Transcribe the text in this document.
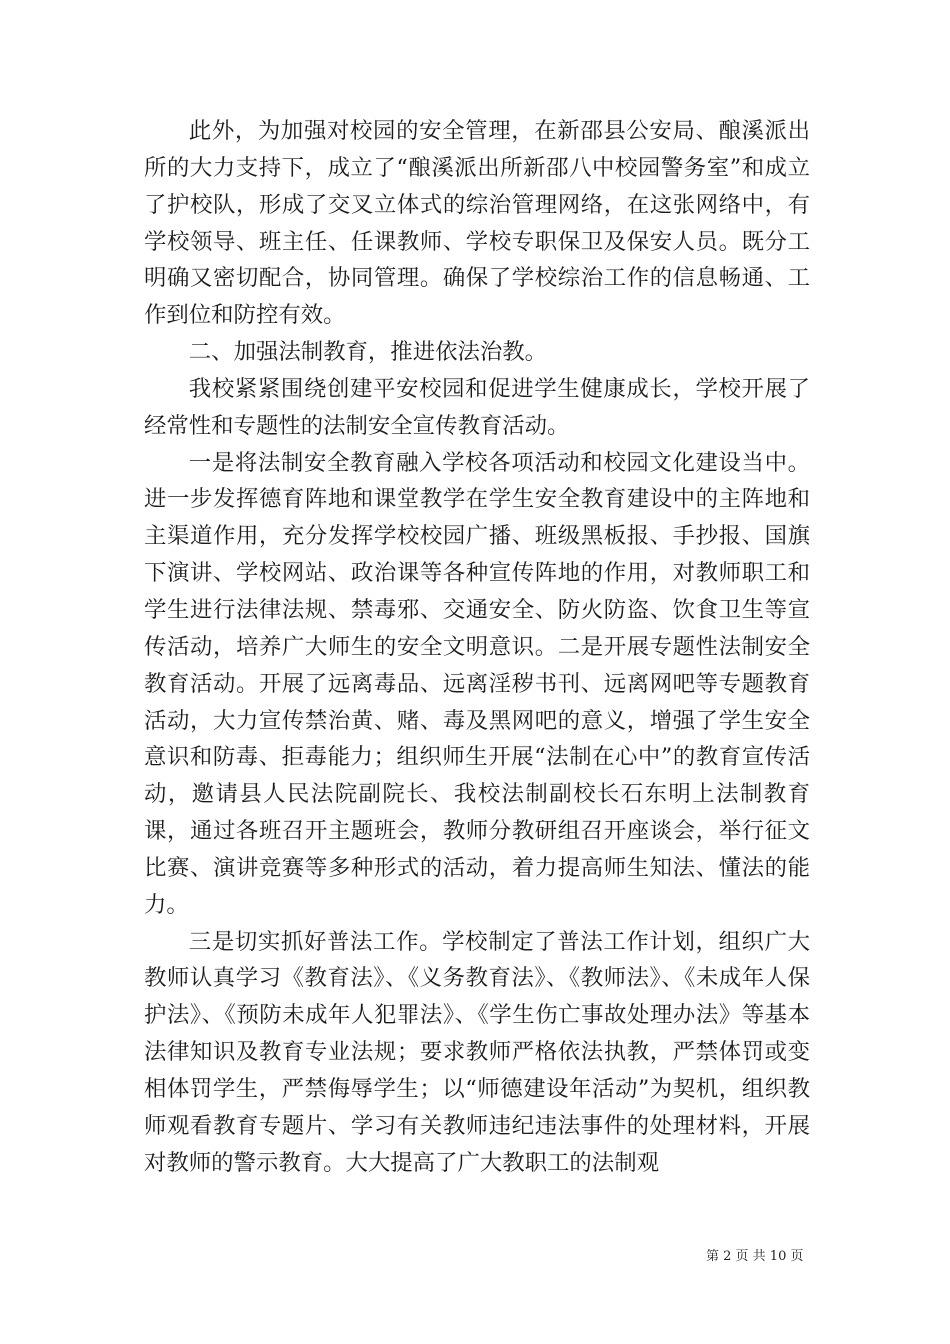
此外，为加强对校园的安全管理，在新邵县公安局、酿溪派出所的大力支持下，成立了“酿溪派出所新邵八中校园警务室”和成立了护校队，形成了交叉立体式的综治管理网络，在这张网络中，有学校领导、班主任、任课教师、学校专职保卫及保安人员。既分工明确又密切配合，协同管理。确保了学校综治工作的信息畅通、工作到位和防控有效。

二、加强法制教育，推进依法治教。

我校紧紧围绕创建平安校园和促进学生健康成长，学校开展了经常性和专题性的法制安全宣传教育活动。

一是将法制安全教育融入学校各项活动和校园文化建设当中。进一步发挥德育阵地和课堂教学在学生安全教育建设中的主阵地和主渠道作用，充分发挥学校校园广播、班级黑板报、手抄报、国旗下演讲、学校网站、政治课等各种宣传阵地的作用，对教师职工和学生进行法律法规、禁毒邪、交通安全、防火防盗、饮食卫生等宣传活动，培养广大师生的安全文明意识。二是开展专题性法制安全教育活动。开展了远离毒品、远离淫秽书刊、远离网吧等专题教育活动，大力宣传禁治黄、赌、毒及黑网吧的意义，增强了学生安全意识和防毒、拒毒能力；组织师生开展“法制在心中”的教育宣传活动，邀请县人民法院副院长、我校法制副校长石东明上法制教育课，通过各班召开主题班会，教师分教研组召开座谈会，举行征文比赛、演讲竞赛等多种形式的活动，着力提高师生知法、懂法的能力。

三是切实抓好普法工作。学校制定了普法工作计划，组织广大教师认真学习《教育法》、《义务教育法》、《教师法》、《未成年人保护法》、《预防未成年人犯罪法》、《学生伤亡事故处理办法》等基本法律知识及教育专业法规；要求教师严格依法执教，严禁体罚或变相体罚学生，严禁侮辱学生；以“师德建设年活动”为契机，组织教师观看教育专题片、学习有关教师违纪违法事件的处理材料，开展对教师的警示教育。大大提高了广大教职工的法制观

第 2 页 共 10 页
